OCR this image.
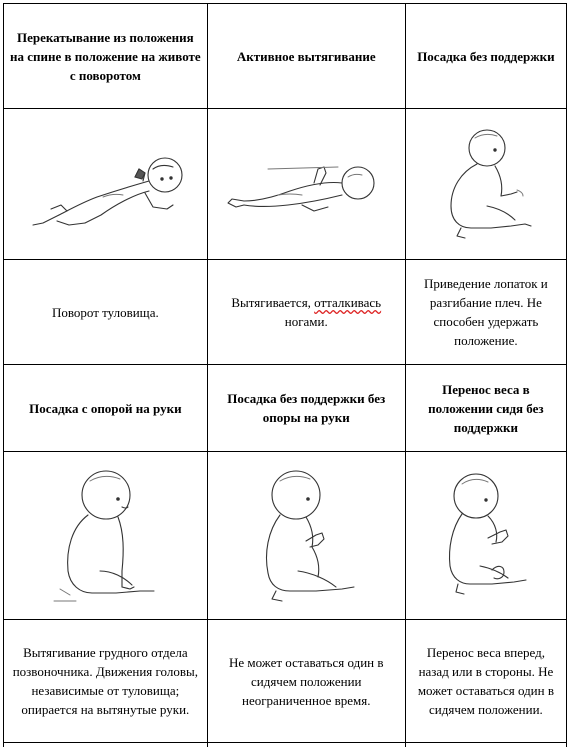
Перекатывание из положения на спине в положение на животе с поворотом	Активное вытягивание	Посадка без поддержки

Поворот туловища.	Вытягивается, отталкивась ногами.	Приведение лопаток и разгибание плеч. Не способен удержать положение.
Посадка с опорой на руки	Посадка без поддержки без опоры на руки	Перенос веса в положении сидя без поддержки

Вытягивание грудного отдела позвоночника. Движения головы, независимые от туловища; опирается на вытянутые руки.	Не может оставаться один в сидячем положении неограниченное время.	Перенос веса вперед, назад или в стороны. Не может оставаться один в сидячем положении.
